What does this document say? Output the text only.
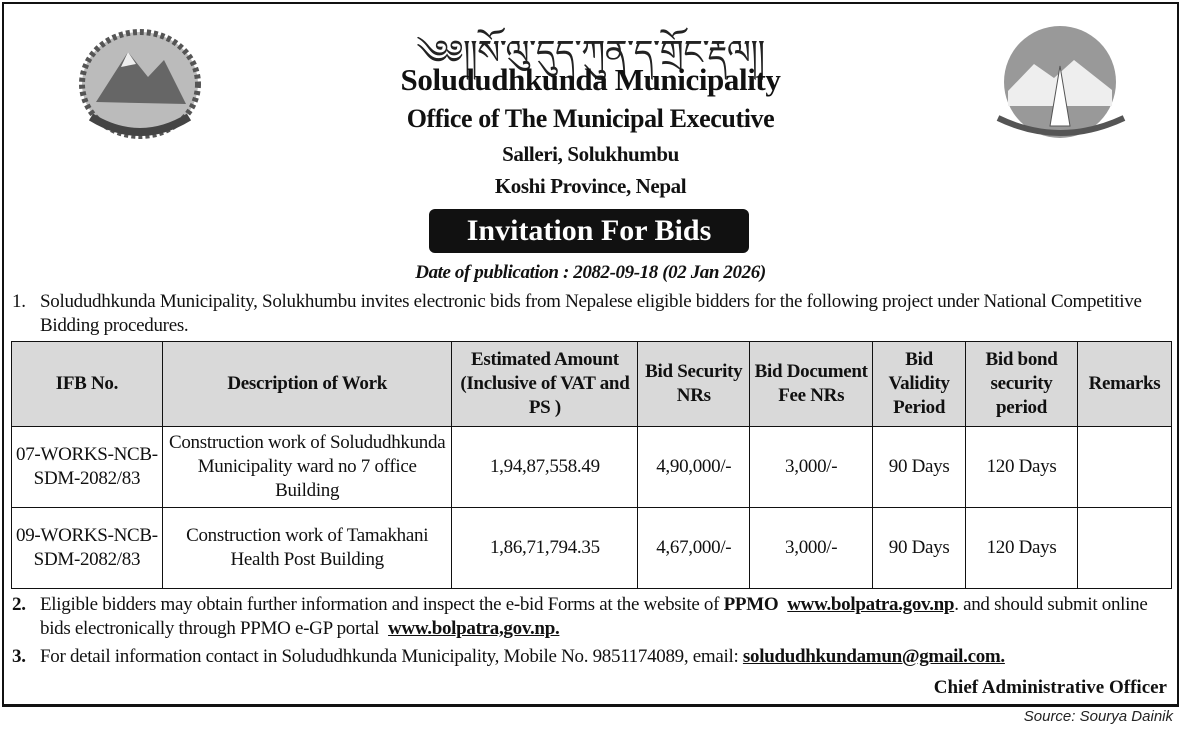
༄༅།།སོ་ལུ་དུད་ཀུན་ད་གྲོང་རྡལ།།
Solududhkunda Municipality
Office of The Municipal Executive
Salleri, Solukhumbu
Koshi Province, Nepal
Invitation For Bids
Date of publication : 2082-09-18 (02 Jan 2026)
1. Solududhkunda Municipality, Solukhumbu invites electronic bids from Nepalese eligible bidders for the following project under National Competitive Bidding procedures.
IFB No.	Description of Work	Estimated Amount (Inclusive of VAT and PS )	Bid Security NRs	Bid Document Fee NRs	Bid Validity Period	Bid bond security period	Remarks
07-WORKS-NCB-SDM-2082/83	Construction work of Solududhkunda Municipality ward no 7 office Building	1,94,87,558.49	4,90,000/-	3,000/-	90 Days	120 Days	
09-WORKS-NCB-SDM-2082/83	Construction work of Tamakhani Health Post Building	1,86,71,794.35	4,67,000/-	3,000/-	90 Days	120 Days	
2. Eligible bidders may obtain further information and inspect the e-bid Forms at the website of PPMO www.bolpatra.gov.np. and should submit online bids electronically through PPMO e-GP portal  www.bolpatra,gov.np.
3. For detail information contact in Solududhkunda Municipality, Mobile No. 9851174089, email: solududhkundamun@gmail.com.
Chief Administrative Officer
Source: Sourya Dainik
